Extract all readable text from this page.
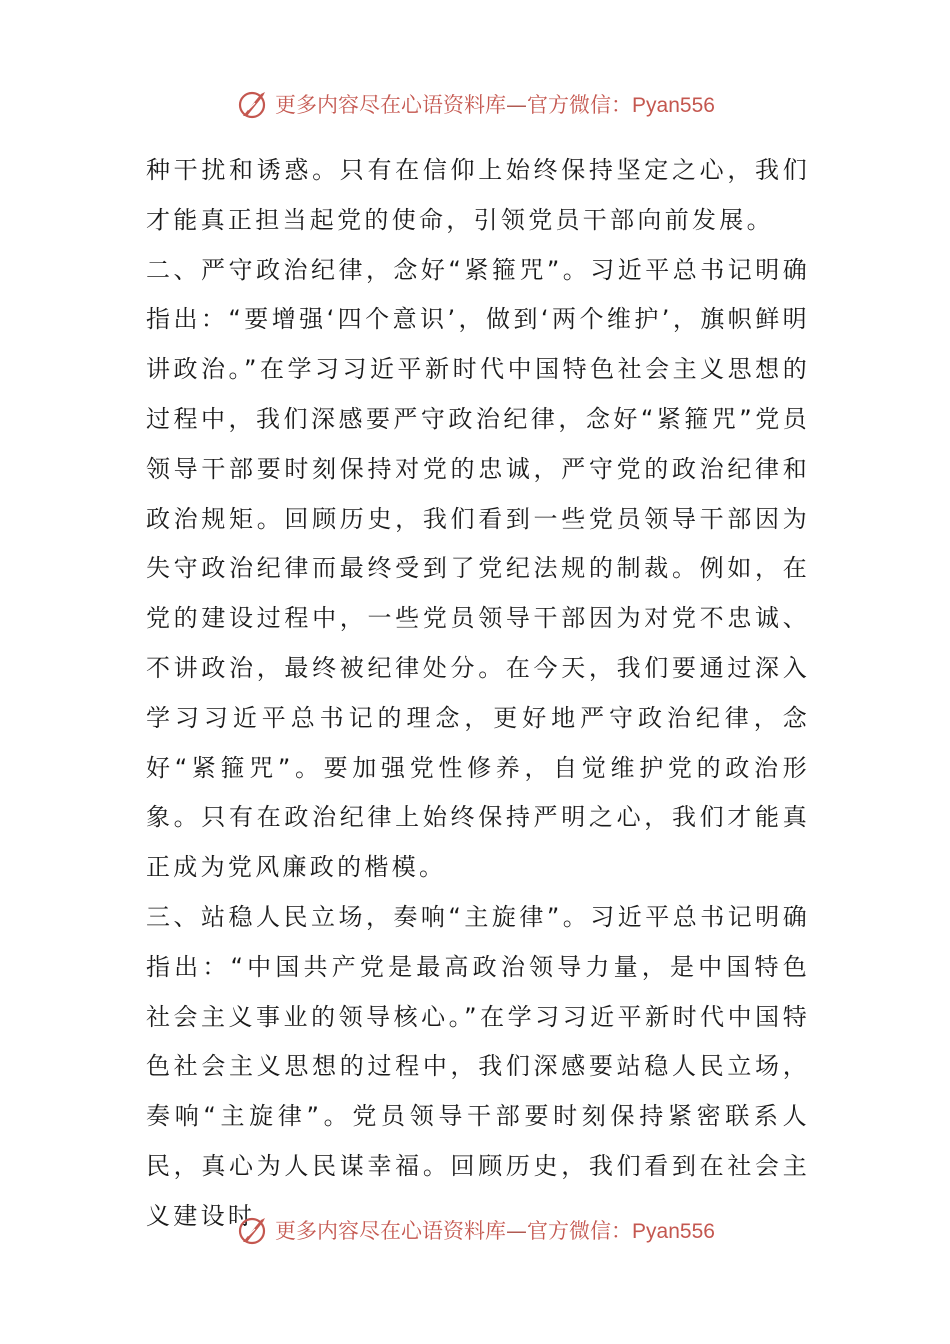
更多内容尽在心语资料库—官方微信：Pyan556

种干扰和诱惑。只有在信仰上始终保持坚定之心，我们才能真正担当起党的使命，引领党员干部向前发展。

二、严守政治纪律，念好“紧箍咒”。习近平总书记明确指出：“要增强‘四个意识’，做到‘两个维护’，旗帜鲜明讲政治。”在学习习近平新时代中国特色社会主义思想的过程中，我们深感要严守政治纪律，念好“紧箍咒”党员领导干部要时刻保持对党的忠诚，严守党的政治纪律和政治规矩。回顾历史，我们看到一些党员领导干部因为失守政治纪律而最终受到了党纪法规的制裁。例如，在党的建设过程中，一些党员领导干部因为对党不忠诚、不讲政治，最终被纪律处分。在今天，我们要通过深入学习习近平总书记的理念，更好地严守政治纪律，念好“紧箍咒”。要加强党性修养，自觉维护党的政治形象。只有在政治纪律上始终保持严明之心，我们才能真正成为党风廉政的楷模。

三、站稳人民立场，奏响“主旋律”。习近平总书记明确指出：“中国共产党是最高政治领导力量，是中国特色社会主义事业的领导核心。”在学习习近平新时代中国特色社会主义思想的过程中，我们深感要站稳人民立场，奏响“主旋律”。党员领导干部要时刻保持紧密联系人民，真心为人民谋幸福。回顾历史，我们看到在社会主义建设时

更多内容尽在心语资料库—官方微信：Pyan556
